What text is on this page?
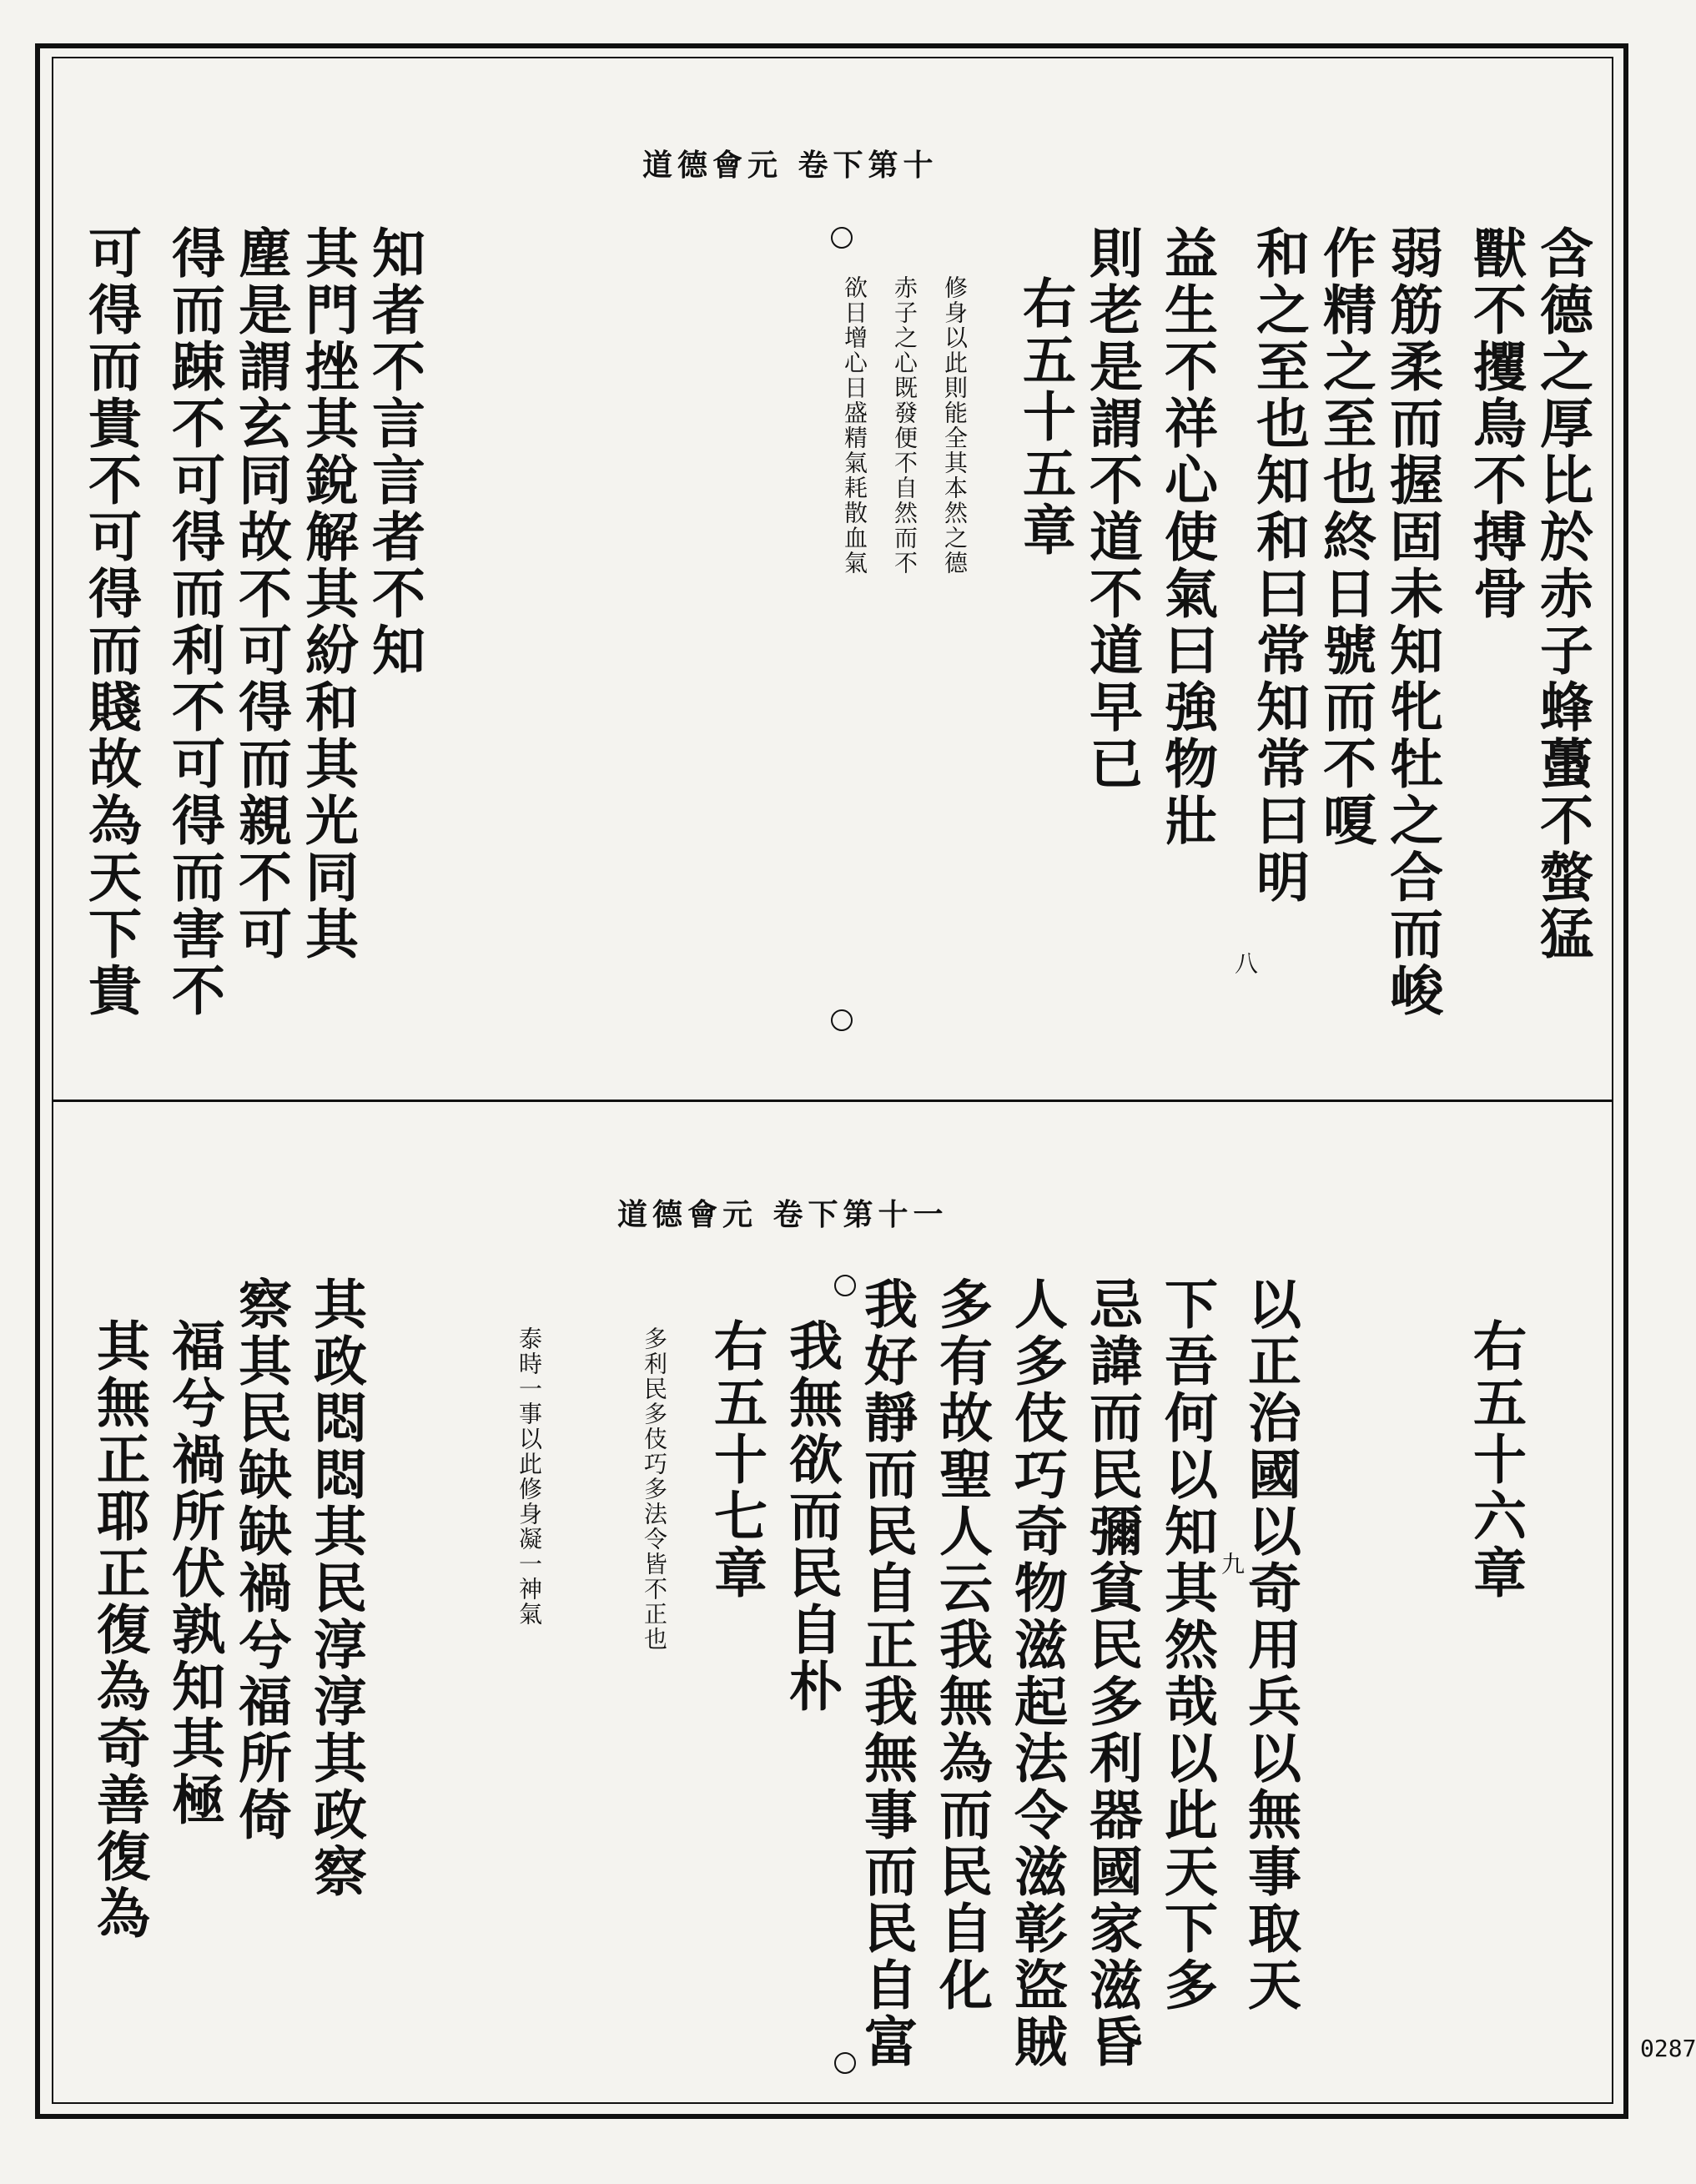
道德會元 卷下第十
含德之厚比於赤子蜂蠆不螫猛
獸不攫鳥不搏骨
弱筋柔而握固未知牝牡之合而峻
作精之至也終日號而不嗄
和之至也知和曰常知常曰明
益生不祥心使氣曰強物壯
則老是謂不道不道早已
右五十五章
修身以此則能全其本然之德
赤子之心既發便不自然而不
欲日增心日盛精氣耗散血氣
知者不言言者不知
其門挫其銳解其紛和其光同其
塵是謂玄同故不可得而親不可
得而踈不可得而利不可得而害不
可得而貴不可得而賤故為天下貴	八
道德會元 卷下第十一
右五十六章
以正治國以奇用兵以無事取天
下吾何以知其然哉以此天下多
忌諱而民彌貧民多利器國家滋昏
人多伎巧奇物滋起法令滋彰盜賊
多有故聖人云我無為而民自化
我好靜而民自正我無事而民自富
我無欲而民自朴
右五十七章
多利民多伎巧多法令皆不正也
泰時一事以此修身凝一神氣
其政悶悶其民淳淳其政察
察其民缺缺禍兮福所倚
福兮禍所伏孰知其極
其無正耶正復為奇善復為	九
0287
